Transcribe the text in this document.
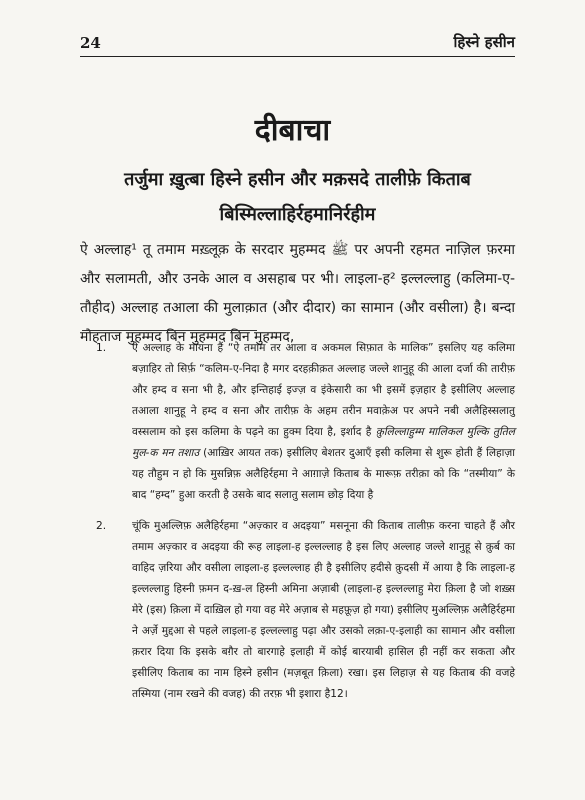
24	हिस्ने हसीन
दीबाचा
तर्जुमा ख़ुत्बा हिस्ने हसीन और मक़सदे तालीफ़े किताब
बिस्मिल्लाहिर्रहमानिर्रहीम

ऐ अल्लाह¹ तू तमाम मख़्लूक़ के सरदार मुहम्मद ﷺ पर अपनी रहमत नाज़िल फ़रमा और सलामती, और उनके आल व असहाब पर भी। लाइला-ह² इल्लल्लाहु (कलिमा-ए-तौहीद) अल्लाह तआला की मुलाक़ात (और दीदार) का सामान (और वसीला) है। बन्दा मोहताज मुहम्मद बिन मुहम्मद बिन मुहम्मद,

1. ऐ अल्लाह के मायना हैं “ऐ तमाम तर आला व अकमल सिफ़ात के मालिक” इसलिए यह कलिमा बज़ाहिर तो सिर्फ़ “कलिम-ए-निदा है मगर दरहक़ीक़त अल्लाह जल्ले शानुहू की आला दर्जा की तारीफ़ और हम्द व सना भी है, और इन्तिहाई इज्ज़ व इंकेसारी का भी इसमें इज़हार है इसीलिए अल्लाह तआला शानुहू ने हम्द व सना और तारीफ़ के अहम तरीन मवाक़ेअ पर अपने नबी अलैहिस्सलातु वस्सलाम को इस कलिमा के पढ़ने का हुक्म दिया है, इर्शाद है क़ुलिल्लाहुम्म मालिकल मुल्कि तुतिल मुल-क मन तशाउ (आख़िर आयत तक) इसीलिए बेशतर दुआएँ इसी कलिमा से शुरू होती हैं लिहाज़ा यह तौहुम न हो कि मुसन्निफ़ अलैहिर्रहमा ने आग़ाज़े किताब के मारूफ़ तरीक़ा को कि “तस्मीया” के बाद “हम्द” हुआ करती है उसके बाद सलातु सलाम छोड़ दिया है
2. चूंकि मुअल्लिफ़ अलैहिर्रहमा “अज़्कार व अदइया” मसनूना की किताब तालीफ़ करना चाहते हैं और तमाम अज़्कार व अदइया की रूह लाइला-ह इल्लल्लाह है इस लिए अल्लाह जल्ले शानुहू से क़ुर्ब का वाहिद ज़रिया और वसीला लाइला-ह इल्लल्लाह ही है इसीलिए हदीसे क़ुदसी में आया है कि लाइला-ह इल्लल्लाहु हिस्नी फ़मन द-ख़-ल हिस्नी अमिना अज़ाबी (लाइला-ह इल्लल्लाहु मेरा क़िला है जो शख़्स मेरे (इस) क़िला में दाख़िल हो गया वह मेरे अज़ाब से महफ़ूज़ हो गया) इसीलिए मुअल्लिफ़ अलैहिर्रहमा ने अर्ज़े मुद्दआ से पहले लाइला-ह इल्लल्लाहु पढ़ा और उसको लक़ा-ए-इलाही का सामान और वसीला क़रार दिया कि इसके बग़ैर तो बारगाहे इलाही में कोई बारयाबी हासिल ही नहीं कर सकता और इसीलिए किताब का नाम हिस्ने हसीन (मज़बूत क़िला) रखा। इस लिहाज़ से यह किताब की वजहे तस्मिया (नाम रखने की वजह) की तरफ़ भी इशारा है12।
